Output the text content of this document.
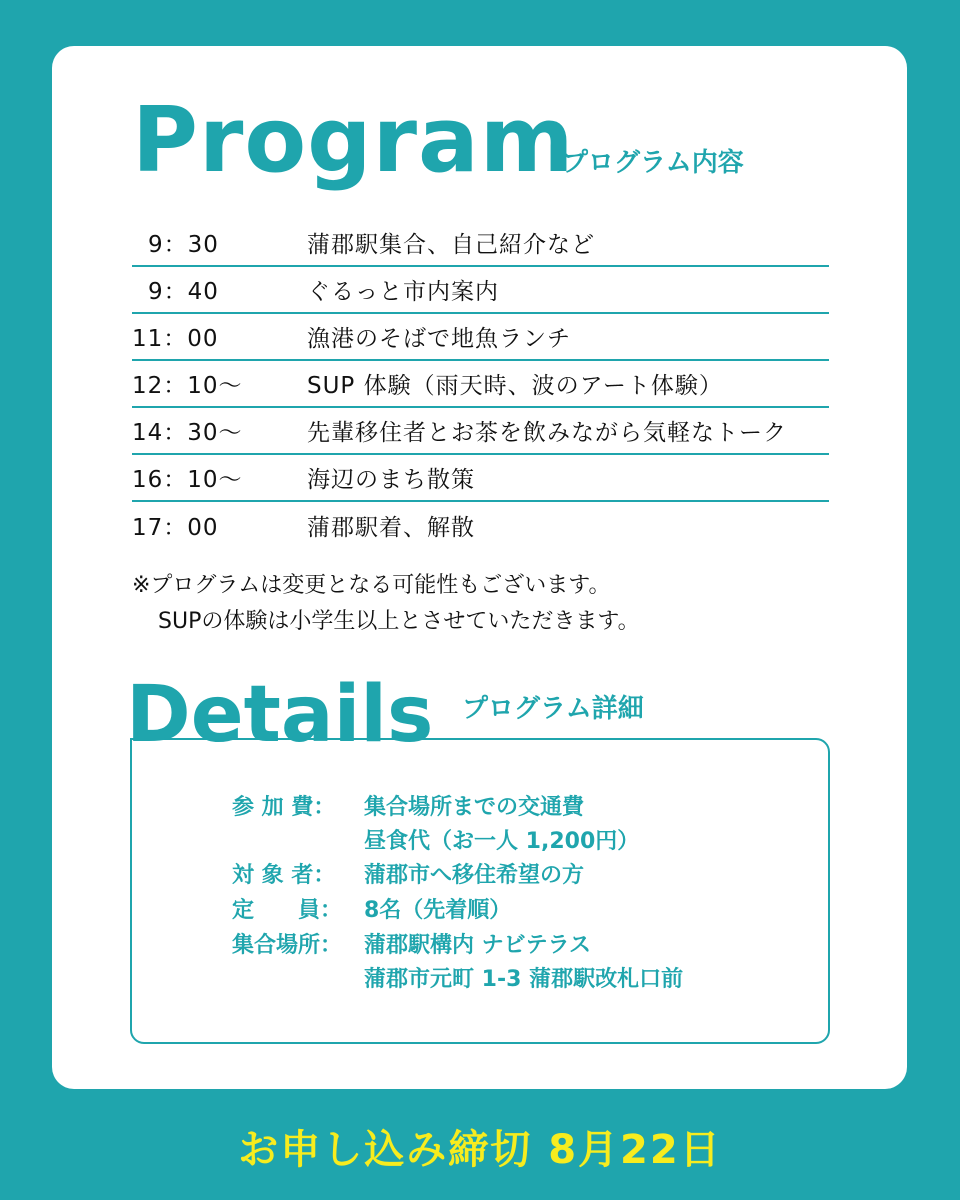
Program
プログラム内容
9：30	蒲郡駅集合、自己紹介など
9：40	ぐるっと市内案内
11：00	漁港のそばで地魚ランチ
12：10～	SUP 体験（雨天時、波のアート体験）
14：30～	先輩移住者とお茶を飲みながら気軽なトーク
16：10～	海辺のまち散策
17：00	蒲郡駅着、解散
※プログラムは変更となる可能性もございます。
SUPの体験は小学生以上とさせていただきます。
Details プログラム詳細
参 加 費：	集合場所までの交通費
昼食代（お一人 1,200円）
対 象 者：	蒲郡市へ移住希望の方
定　　員： 8名（先着順）
集合場所： 蒲郡駅構内 ナビテラス
蒲郡市元町 1-3 蒲郡駅改札口前
お申し込み締切 8月22日
